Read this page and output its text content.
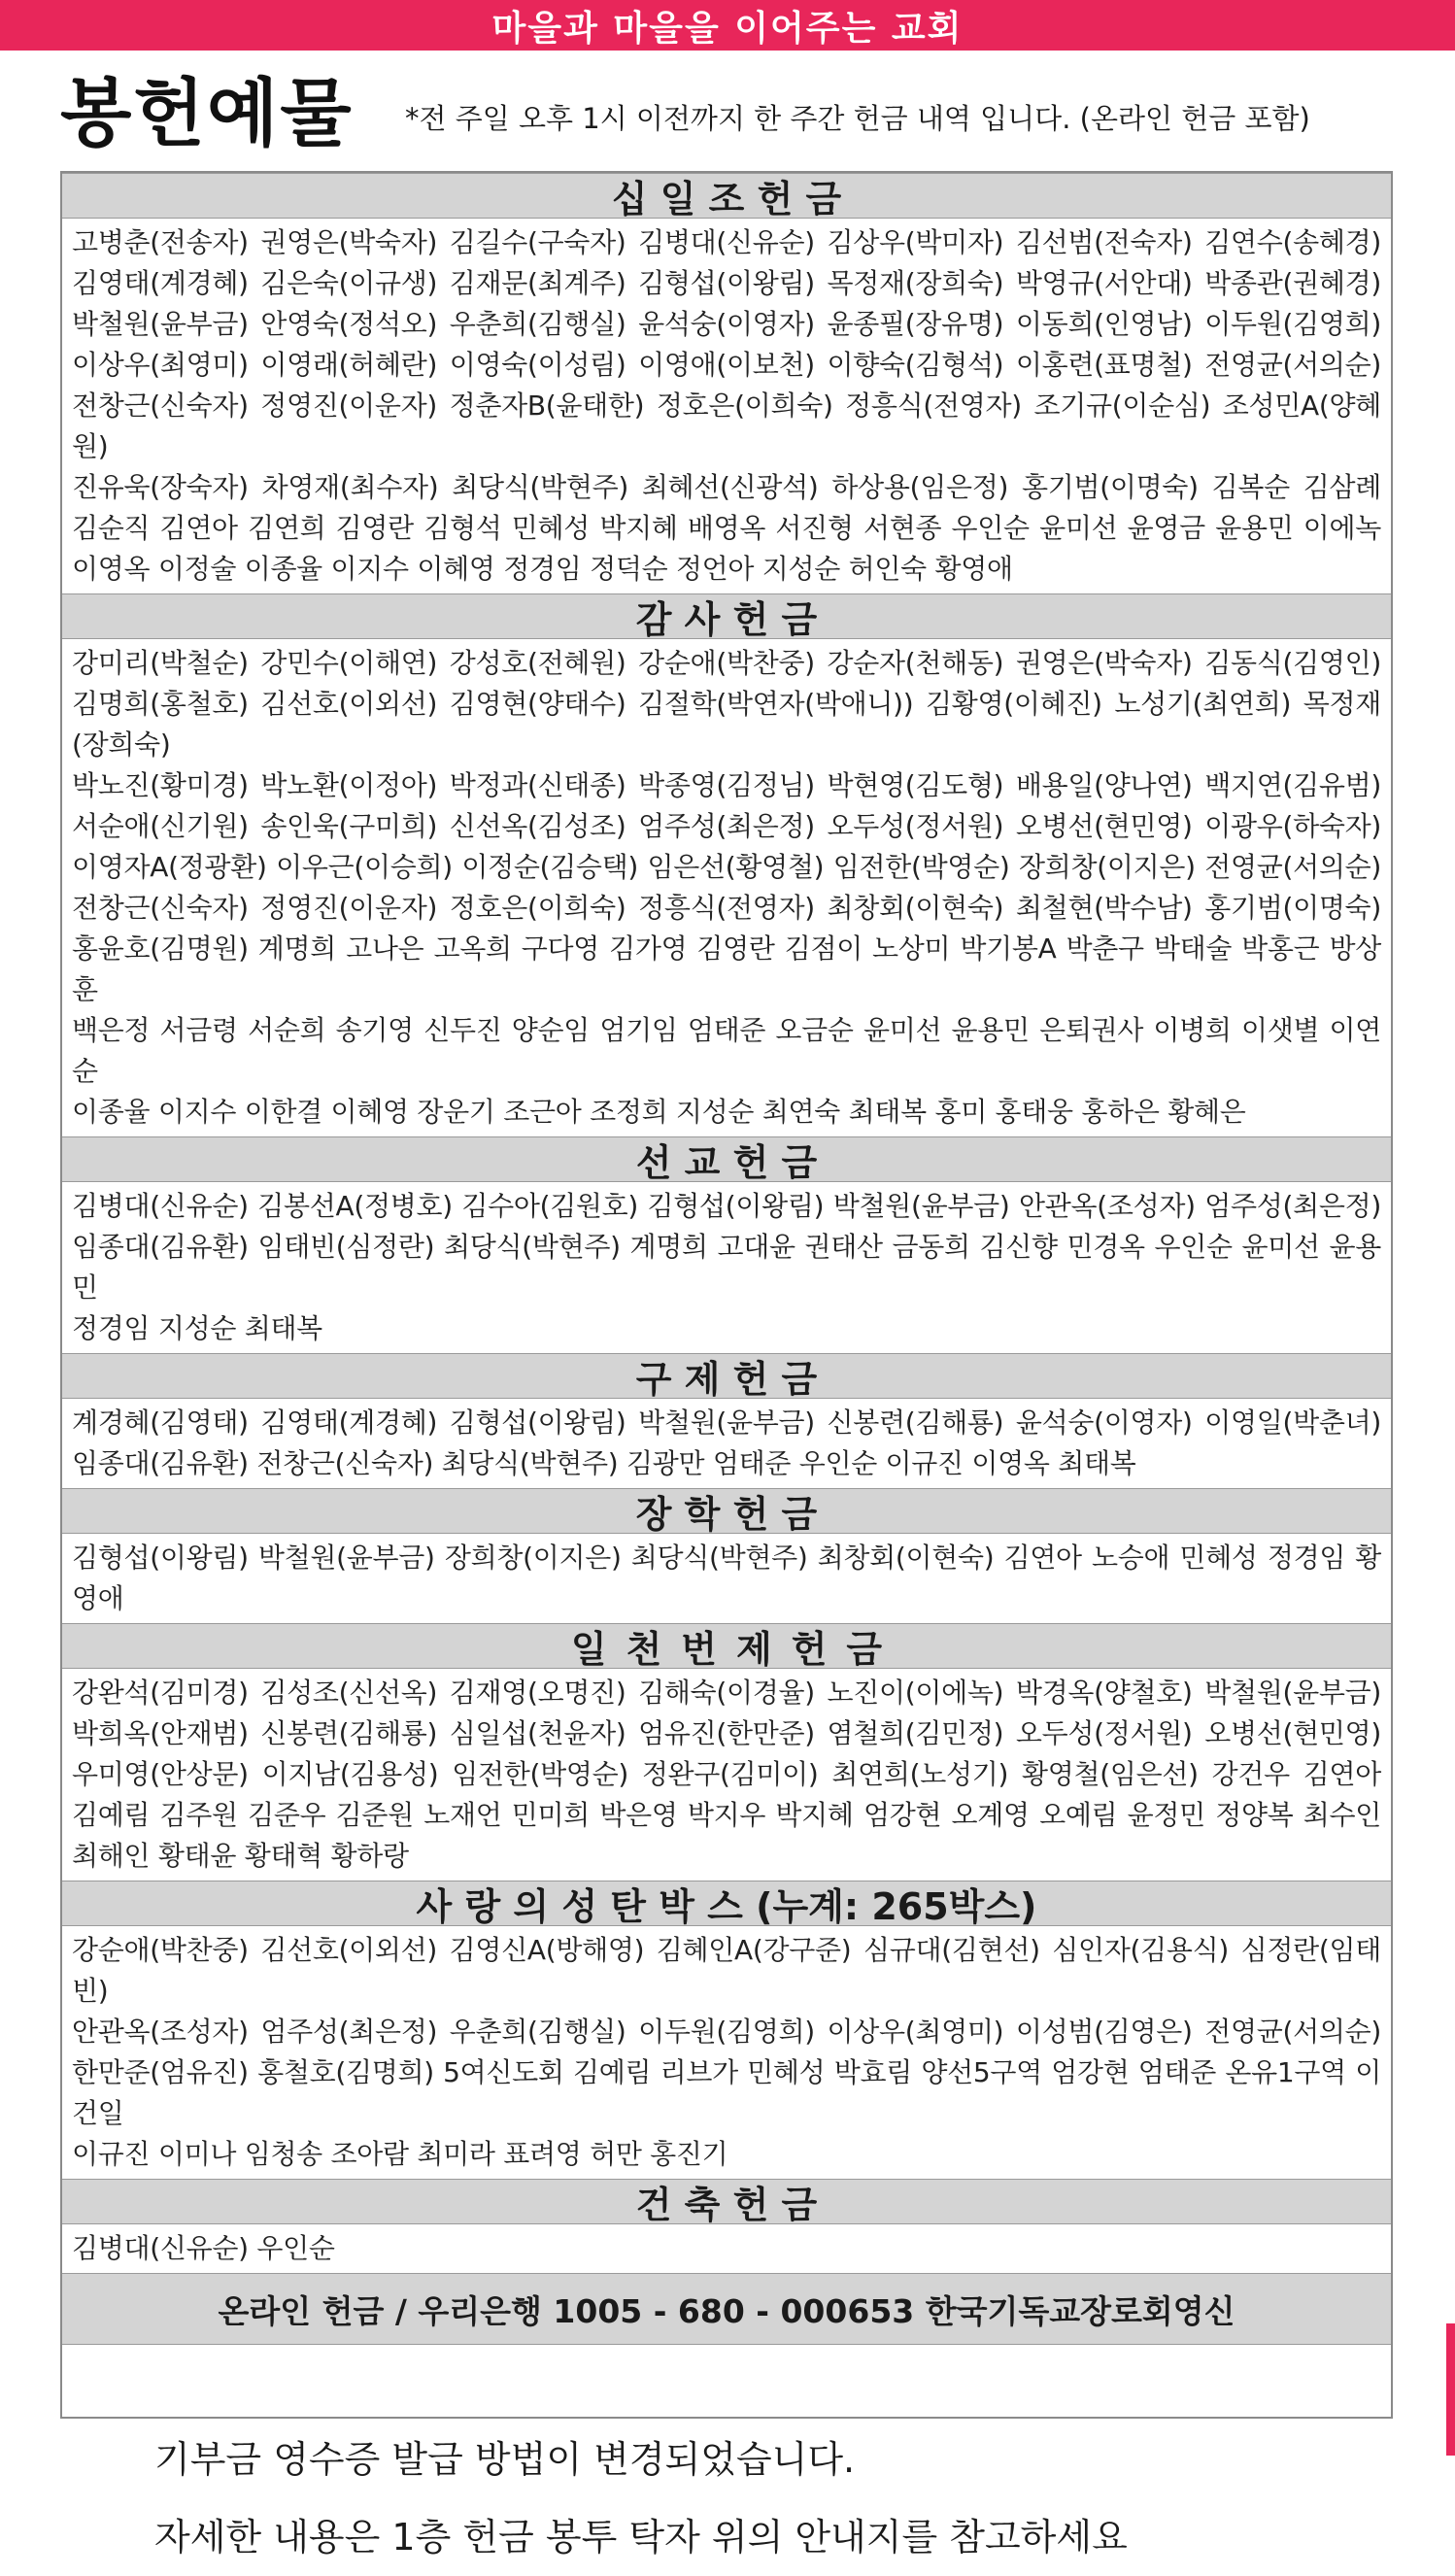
마을과 마을을 이어주는 교회
봉헌예물 *전 주일 오후 1시 이전까지 한 주간 헌금 내역 입니다. (온라인 헌금 포함)
십 일 조 헌 금
고병춘(전송자) 권영은(박숙자) 김길수(구숙자) 김병대(신유순) 김상우(박미자) 김선범(전숙자) 김연수(송혜경)
김영태(계경혜) 김은숙(이규생) 김재문(최계주) 김형섭(이왕림) 목정재(장희숙) 박영규(서안대) 박종관(권혜경)
박철원(윤부금) 안영숙(정석오) 우춘희(김행실) 윤석숭(이영자) 윤종필(장유명) 이동희(인영남) 이두원(김영희)
이상우(최영미) 이영래(허혜란) 이영숙(이성림) 이영애(이보천) 이향숙(김형석) 이홍련(표명철) 전영균(서의순)
전창근(신숙자) 정영진(이운자) 정춘자B(윤태한) 정호은(이희숙) 정흥식(전영자) 조기규(이순심) 조성민A(양혜원)
진유욱(장숙자) 차영재(최수자) 최당식(박현주) 최혜선(신광석) 하상용(임은정) 홍기범(이명숙) 김복순 김삼례
김순직 김연아 김연희 김영란 김형석 민혜성 박지혜 배영옥 서진형 서현종 우인순 윤미선 윤영금 윤용민 이에녹
이영옥 이정술 이종율 이지수 이혜영 정경임 정덕순 정언아 지성순 허인숙 황영애
감 사 헌 금
강미리(박철순) 강민수(이해연) 강성호(전혜원) 강순애(박찬중) 강순자(천해동) 권영은(박숙자) 김동식(김영인)
김명희(홍철호) 김선호(이외선) 김영현(양태수) 김절학(박연자(박애니)) 김황영(이혜진) 노성기(최연희) 목정재(장희숙)
박노진(황미경) 박노환(이정아) 박정과(신태종) 박종영(김정님) 박현영(김도형) 배용일(양나연) 백지연(김유범)
서순애(신기원) 송인욱(구미희) 신선옥(김성조) 엄주성(최은정) 오두성(정서원) 오병선(현민영) 이광우(하숙자)
이영자A(정광환) 이우근(이승희) 이정순(김승택) 임은선(황영철) 임전한(박영순) 장희창(이지은) 전영균(서의순)
전창근(신숙자) 정영진(이운자) 정호은(이희숙) 정흥식(전영자) 최창회(이현숙) 최철현(박수남) 홍기범(이명숙)
홍윤호(김명원) 계명희 고나은 고옥희 구다영 김가영 김영란 김점이 노상미 박기봉A 박춘구 박태술 박홍근 방상훈
백은정 서금령 서순희 송기영 신두진 양순임 엄기임 엄태준 오금순 윤미선 윤용민 은퇴권사 이병희 이샛별 이연순
이종율 이지수 이한결 이혜영 장운기 조근아 조정희 지성순 최연숙 최태복 홍미 홍태웅 홍하은 황혜은
선 교 헌 금
김병대(신유순) 김봉선A(정병호) 김수아(김원호) 김형섭(이왕림) 박철원(윤부금) 안관옥(조성자) 엄주성(최은정)
임종대(김유환) 임태빈(심정란) 최당식(박현주) 계명희 고대윤 권태산 금동희 김신향 민경옥 우인순 윤미선 윤용민
정경임 지성순 최태복
구 제 헌 금
계경혜(김영태) 김영태(계경혜) 김형섭(이왕림) 박철원(윤부금) 신봉련(김해룡) 윤석숭(이영자) 이영일(박춘녀)
임종대(김유환) 전창근(신숙자) 최당식(박현주) 김광만 엄태준 우인순 이규진 이영옥 최태복
장 학 헌 금
김형섭(이왕림) 박철원(윤부금) 장희창(이지은) 최당식(박현주) 최창회(이현숙) 김연아 노승애 민혜성 정경임 황영애
일천번제헌금
강완석(김미경) 김성조(신선옥) 김재영(오명진) 김해숙(이경율) 노진이(이에녹) 박경옥(양철호) 박철원(윤부금)
박희옥(안재범) 신봉련(김해룡) 심일섭(천윤자) 엄유진(한만준) 염철희(김민정) 오두성(정서원) 오병선(현민영)
우미영(안상문) 이지남(김용성) 임전한(박영순) 정완구(김미이) 최연희(노성기) 황영철(임은선) 강건우 김연아
김예림 김주원 김준우 김준원 노재언 민미희 박은영 박지우 박지혜 엄강현 오계영 오예림 윤정민 정양복 최수인
최해인 황태윤 황태혁 황하랑
사 랑 의 성 탄 박 스 (누계: 265박스)
강순애(박찬중) 김선호(이외선) 김영신A(방해영) 김혜인A(강구준) 심규대(김현선) 심인자(김용식) 심정란(임태빈)
안관옥(조성자) 엄주성(최은정) 우춘희(김행실) 이두원(김영희) 이상우(최영미) 이성범(김영은) 전영균(서의순)
한만준(엄유진) 홍철호(김명희) 5여신도회 김예림 리브가 민혜성 박효림 양선5구역 엄강현 엄태준 온유1구역 이건일
이규진 이미나 임청송 조아람 최미라 표려영 허만 홍진기
건 축 헌 금
김병대(신유순) 우인순
온라인 헌금 / 우리은행 1005 - 680 - 000653 한국기독교장로회영신
기부금 영수증 발급 방법이 변경되었습니다.
자세한 내용은 1층 헌금 봉투 탁자 위의 안내지를 참고하세요
